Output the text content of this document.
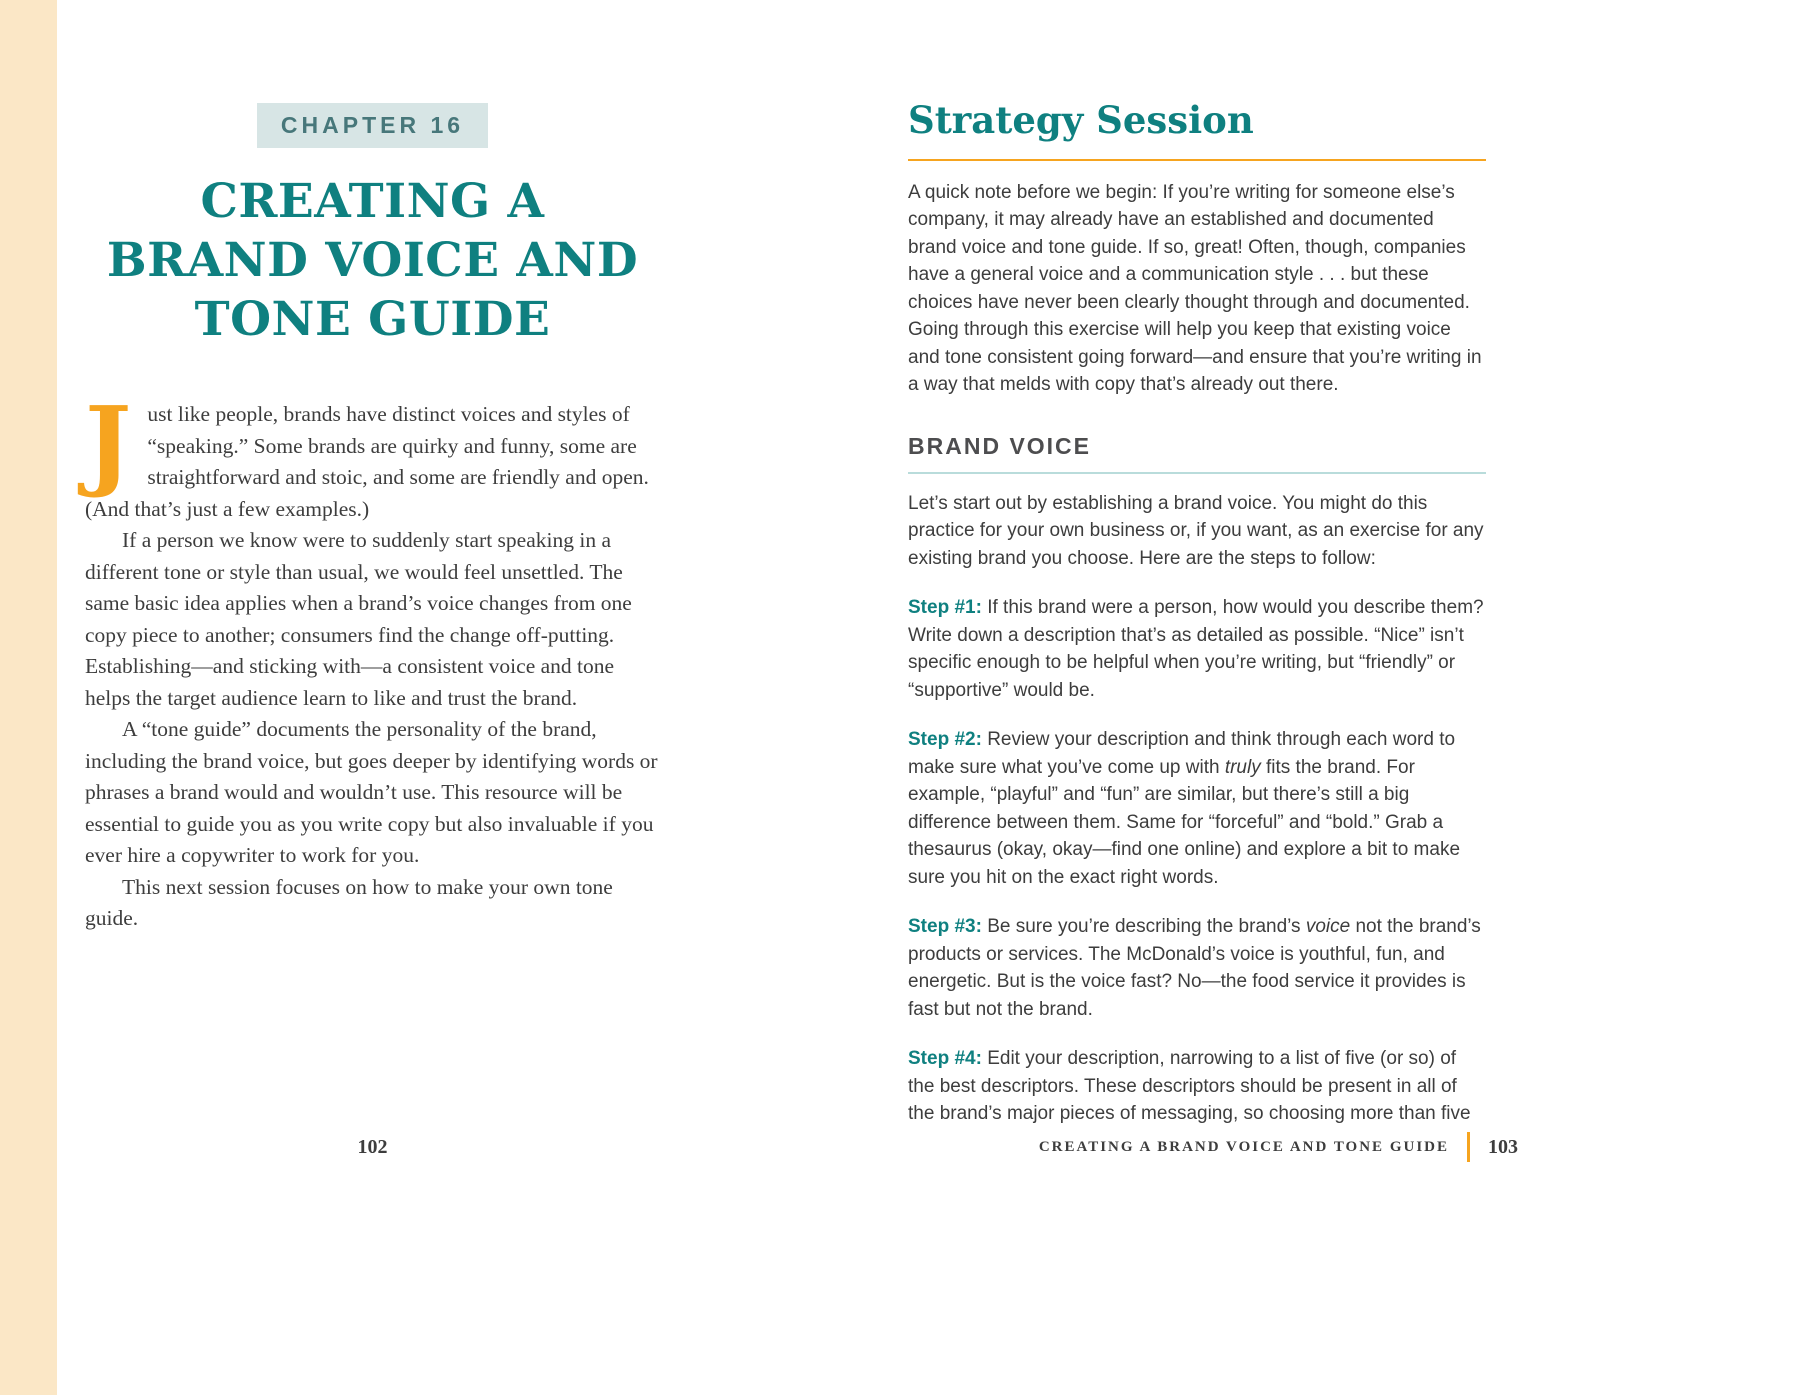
CHAPTER 16
CREATING A
BRAND VOICE AND
TONE GUIDE

Just like people, brands have distinct voices and styles of “speaking.” Some brands are quirky and funny, some are straightforward and stoic, and some are friendly and open. (And that’s just a few examples.)

If a person we know were to suddenly start speaking in a different tone or style than usual, we would feel unsettled. The same basic idea applies when a brand’s voice changes from one copy piece to another; consumers find the change off-putting. Establishing—and sticking with—a consistent voice and tone helps the target audience learn to like and trust the brand.

A “tone guide” documents the personality of the brand, including the brand voice, but goes deeper by identifying words or phrases a brand would and wouldn’t use. This resource will be essential to guide you as you write copy but also invaluable if you ever hire a copywriter to work for you.

This next session focuses on how to make your own tone guide.

102
Strategy Session

A quick note before we begin: If you’re writing for someone else’s company, it may already have an established and documented brand voice and tone guide. If so, great! Often, though, companies have a general voice and a communication style . . . but these choices have never been clearly thought through and documented. Going through this exercise will help you keep that existing voice and tone consistent going forward—and ensure that you’re writing in a way that melds with copy that’s already out there.

BRAND VOICE

Let’s start out by establishing a brand voice. You might do this practice for your own business or, if you want, as an exercise for any existing brand you choose. Here are the steps to follow:

Step #1: If this brand were a person, how would you describe them? Write down a description that’s as detailed as possible. “Nice” isn’t specific enough to be helpful when you’re writing, but “friendly” or “supportive” would be.

Step #2: Review your description and think through each word to make sure what you’ve come up with truly fits the brand. For example, “playful” and “fun” are similar, but there’s still a big difference between them. Same for “forceful” and “bold.” Grab a thesaurus (okay, okay—find one online) and explore a bit to make sure you hit on the exact right words.

Step #3: Be sure you’re describing the brand’s voice not the brand’s products or services. The McDonald’s voice is youthful, fun, and energetic. But is the voice fast? No—the food service it provides is fast but not the brand.

Step #4: Edit your description, narrowing to a list of five (or so) of the best descriptors. These descriptors should be present in all of the brand’s major pieces of messaging, so choosing more than five

CREATING A BRAND VOICE AND TONE GUIDE 103
